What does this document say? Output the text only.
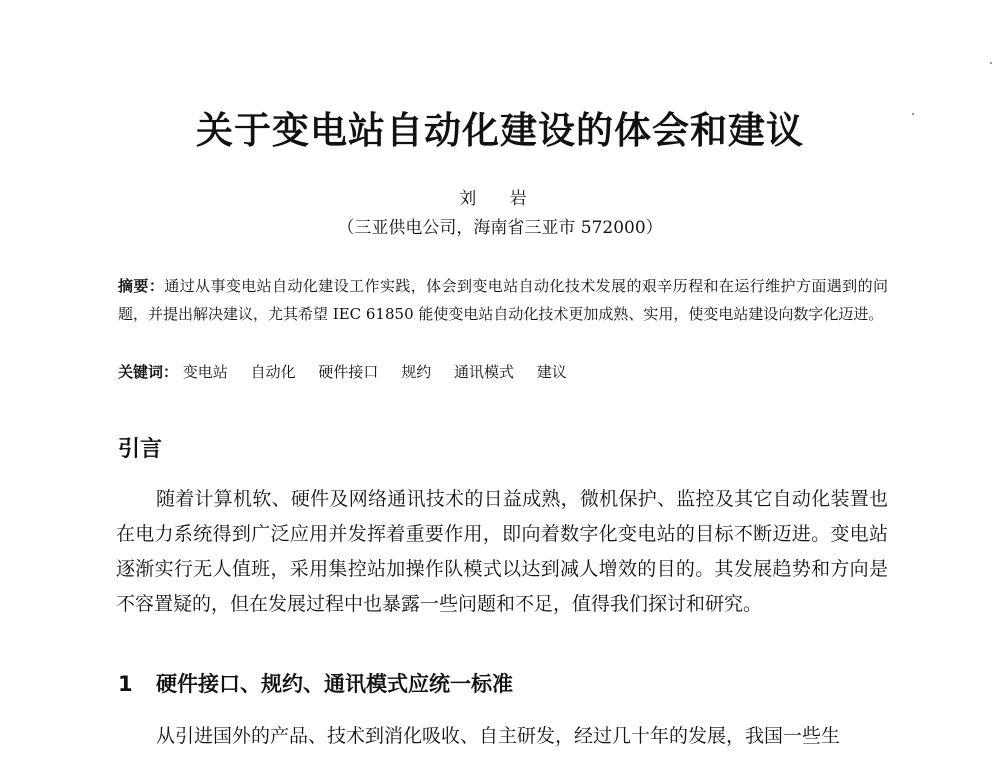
关于变电站自动化建设的体会和建议
刘 岩
（三亚供电公司，海南省三亚市 572000）
摘要：通过从事变电站自动化建设工作实践，体会到变电站自动化技术发展的艰辛历程和在运行维护方面遇到的问题，并提出解决建议，尤其希望 IEC 61850 能使变电站自动化技术更加成熟、实用，使变电站建设向数字化迈进。
关键词： 变电站 自动化 硬件接口 规约 通讯模式 建议
引言
随着计算机软、硬件及网络通讯技术的日益成熟，微机保护、监控及其它自动化装置也在电力系统得到广泛应用并发挥着重要作用，即向着数字化变电站的目标不断迈进。变电站逐渐实行无人值班，采用集控站加操作队模式以达到减人增效的目的。其发展趋势和方向是不容置疑的，但在发展过程中也暴露一些问题和不足，值得我们探讨和研究。
1 硬件接口、规约、通讯模式应统一标准
从引进国外的产品、技术到消化吸收、自主研发，经过几十年的发展，我国一些生
